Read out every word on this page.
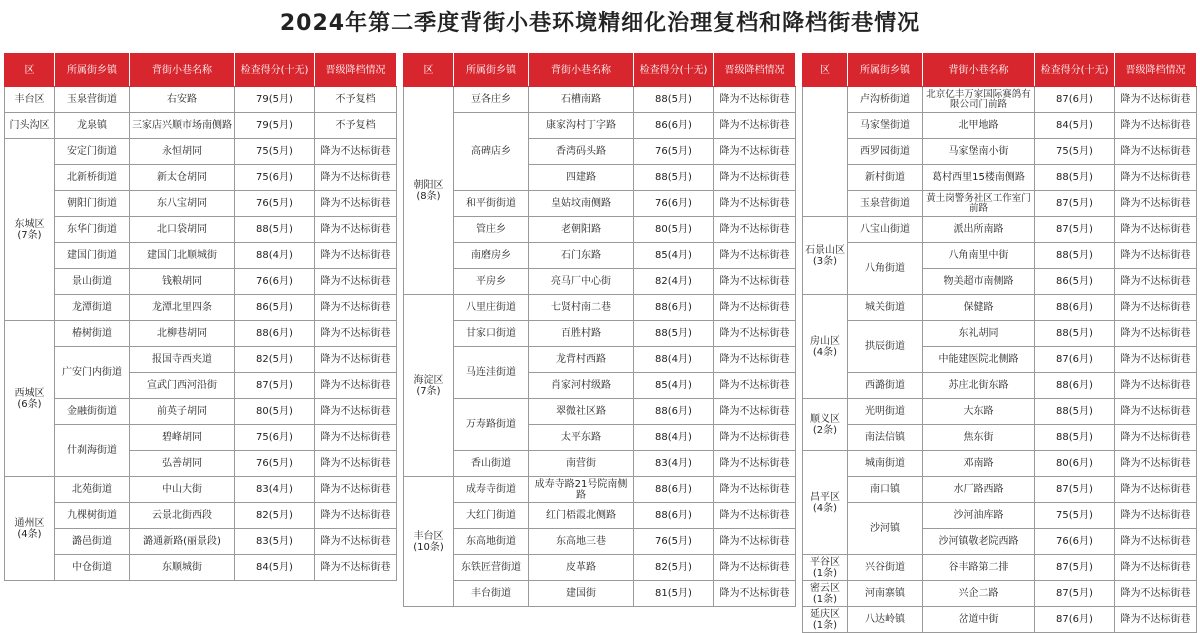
2024年第二季度背街小巷环境精细化治理复档和降档街巷情况
区	所属街乡镇	背街小巷名称	检查得分(十无)	晋级降档情况
丰台区	玉泉营街道	右安路	79(5月)	不予复档
门头沟区	龙泉镇	三家店兴顺市场南侧路	79(5月)	不予复档
东城区
(7条)	安定门街道	永恒胡同	75(5月)	降为不达标街巷
	北新桥街道	新太仓胡同	75(6月)	降为不达标街巷
	朝阳门街道	东八宝胡同	76(5月)	降为不达标街巷
	东华门街道	北口袋胡同	88(5月)	降为不达标街巷
	建国门街道	建国门北顺城街	88(4月)	降为不达标街巷
	景山街道	钱粮胡同	76(6月)	降为不达标街巷
	龙潭街道	龙潭北里四条	86(5月)	降为不达标街巷
西城区
(6条)	椿树街道	北柳巷胡同	88(6月)	降为不达标街巷
	广安门内街道	报国寺西夹道	82(5月)	降为不达标街巷
		宣武门西河沿街	87(5月)	降为不达标街巷
	金融街街道	前英子胡同	80(5月)	降为不达标街巷
	什刹海街道	碧峰胡同	75(6月)	降为不达标街巷
		弘善胡同	76(5月)	降为不达标街巷
通州区
(4条)	北苑街道	中山大街	83(4月)	降为不达标街巷
	九棵树街道	云景北街西段	82(5月)	降为不达标街巷
	潞邑街道	潞通新路(丽景段)	83(5月)	降为不达标街巷
	中仓街道	东顺城街	84(5月)	降为不达标街巷
区	所属街乡镇	背街小巷名称	检查得分(十无)	晋级降档情况
朝阳区
(8条)	豆各庄乡	石槽南路	88(5月)	降为不达标街巷
	高碑店乡	康家沟村丁字路	86(6月)	降为不达标街巷
		香湾码头路	76(5月)	降为不达标街巷
		四建路	88(5月)	降为不达标街巷
	和平街街道	皇姑坟南侧路	76(6月)	降为不达标街巷
	管庄乡	老朝阳路	80(5月)	降为不达标街巷
	南磨房乡	石门东路	85(4月)	降为不达标街巷
	平房乡	亮马厂中心街	82(4月)	降为不达标街巷
海淀区
(7条)	八里庄街道	七贤村南二巷	88(6月)	降为不达标街巷
	甘家口街道	百胜村路	88(5月)	降为不达标街巷
	马连洼街道	龙背村西路	88(4月)	降为不达标街巷
		肖家河村级路	85(4月)	降为不达标街巷
	万寿路街道	翠微社区路	88(6月)	降为不达标街巷
		太平东路	88(4月)	降为不达标街巷
	香山街道	南营街	83(4月)	降为不达标街巷
丰台区
(10条)	成寿寺街道	成寿寺路21号院南侧路	88(6月)	降为不达标街巷
	大红门街道	红门梧霞北侧路	88(6月)	降为不达标街巷
	东高地街道	东高地三巷	76(5月)	降为不达标街巷
	东铁匠营街道	皮革路	82(5月)	降为不达标街巷
	丰台街道	建国街	81(5月)	降为不达标街巷
区	所属街乡镇	背街小巷名称	检查得分(十无)	晋级降档情况
	卢沟桥街道	北京亿丰万家国际赛鸽有限公司门前路	87(6月)	降为不达标街巷
	马家堡街道	北甲地路	84(5月)	降为不达标街巷
	西罗园街道	马家堡南小街	75(5月)	降为不达标街巷
	新村街道	葛村西里15楼南侧路	88(5月)	降为不达标街巷
	玉泉营街道	黄土岗警务社区工作室门前路	87(5月)	降为不达标街巷
石景山区
(3条)	八宝山街道	派出所南路	87(5月)	降为不达标街巷
	八角街道	八角南里中街	88(5月)	降为不达标街巷
		物美超市南侧路	86(5月)	降为不达标街巷
房山区
(4条)	城关街道	保健路	88(6月)	降为不达标街巷
	拱辰街道	东礼胡同	88(5月)	降为不达标街巷
		中能建医院北侧路	87(6月)	降为不达标街巷
	西潞街道	苏庄北街东路	88(6月)	降为不达标街巷
顺义区
(2条)	光明街道	大东路	88(5月)	降为不达标街巷
	南法信镇	焦东街	88(5月)	降为不达标街巷
昌平区
(4条)	城南街道	邓南路	80(6月)	降为不达标街巷
	南口镇	水厂路西路	87(5月)	降为不达标街巷
	沙河镇	沙河油库路	75(5月)	降为不达标街巷
		沙河镇敬老院西路	76(6月)	降为不达标街巷
平谷区
(1条)	兴谷街道	谷丰路第二排	87(5月)	降为不达标街巷
密云区
(1条)	河南寨镇	兴企二路	87(5月)	降为不达标街巷
延庆区
(1条)	八达岭镇	岔道中街	87(6月)	降为不达标街巷
